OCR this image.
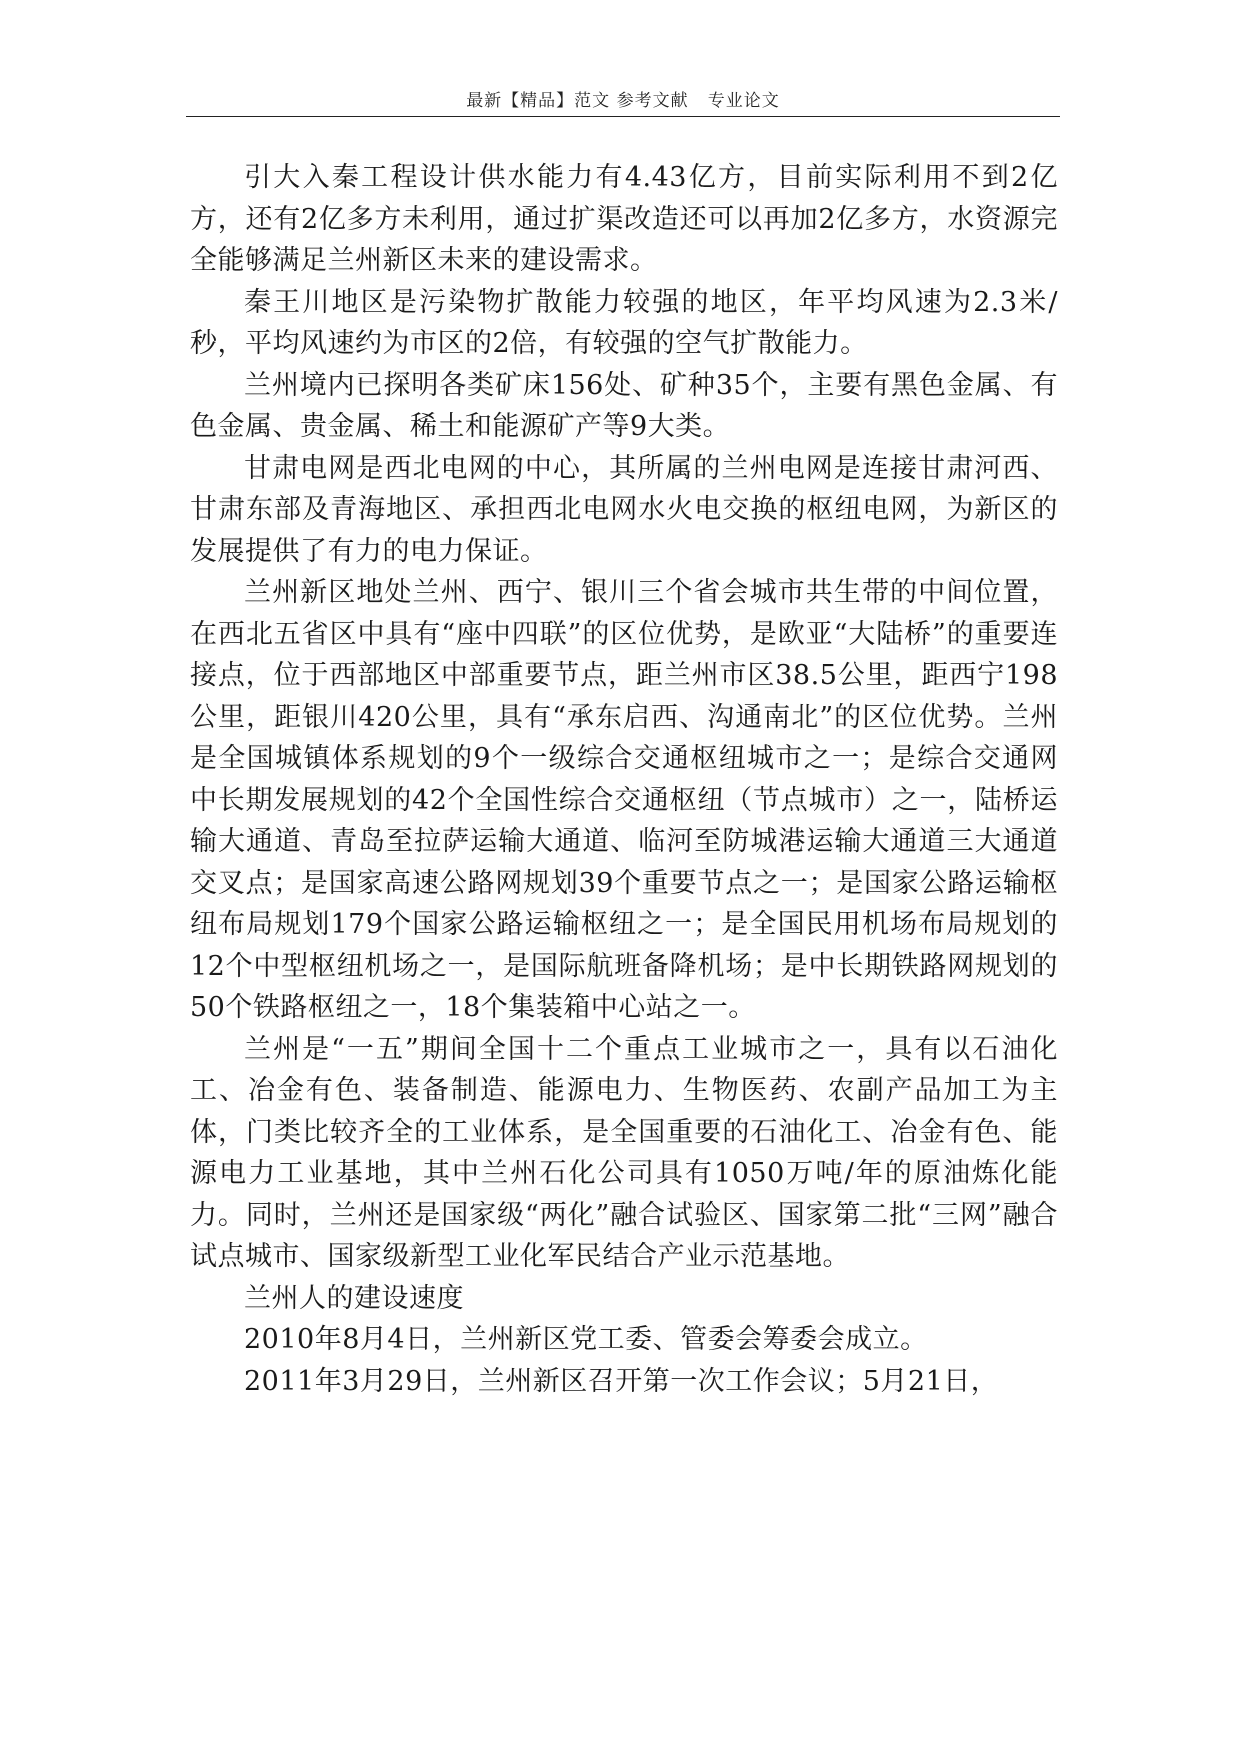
最新【精品】范文 参考文献   专业论文

引大入秦工程设计供水能力有4.43亿方，目前实际利用不到2亿方，还有2亿多方未利用，通过扩渠改造还可以再加2亿多方，水资源完全能够满足兰州新区未来的建设需求。

秦王川地区是污染物扩散能力较强的地区，年平均风速为2.3米/秒，平均风速约为市区的2倍，有较强的空气扩散能力。

兰州境内已探明各类矿床156处、矿种35个，主要有黑色金属、有色金属、贵金属、稀土和能源矿产等9大类。

甘肃电网是西北电网的中心，其所属的兰州电网是连接甘肃河西、甘肃东部及青海地区、承担西北电网水火电交换的枢纽电网，为新区的发展提供了有力的电力保证。

兰州新区地处兰州、西宁、银川三个省会城市共生带的中间位置，在西北五省区中具有“座中四联”的区位优势，是欧亚“大陆桥”的重要连接点，位于西部地区中部重要节点，距兰州市区38.5公里，距西宁198公里，距银川420公里，具有“承东启西、沟通南北”的区位优势。兰州是全国城镇体系规划的9个一级综合交通枢纽城市之一；是综合交通网中长期发展规划的42个全国性综合交通枢纽（节点城市）之一，陆桥运输大通道、青岛至拉萨运输大通道、临河至防城港运输大通道三大通道交叉点；是国家高速公路网规划39个重要节点之一；是国家公路运输枢纽布局规划179个国家公路运输枢纽之一；是全国民用机场布局规划的12个中型枢纽机场之一，是国际航班备降机场；是中长期铁路网规划的50个铁路枢纽之一，18个集装箱中心站之一。

兰州是“一五”期间全国十二个重点工业城市之一，具有以石油化工、冶金有色、装备制造、能源电力、生物医药、农副产品加工为主体，门类比较齐全的工业体系，是全国重要的石油化工、冶金有色、能源电力工业基地，其中兰州石化公司具有1050万吨/年的原油炼化能力。同时，兰州还是国家级“两化”融合试验区、国家第二批“三网”融合试点城市、国家级新型工业化军民结合产业示范基地。

兰州人的建设速度

2010年8月4日，兰州新区党工委、管委会筹委会成立。

2011年3月29日，兰州新区召开第一次工作会议；5月21日，
